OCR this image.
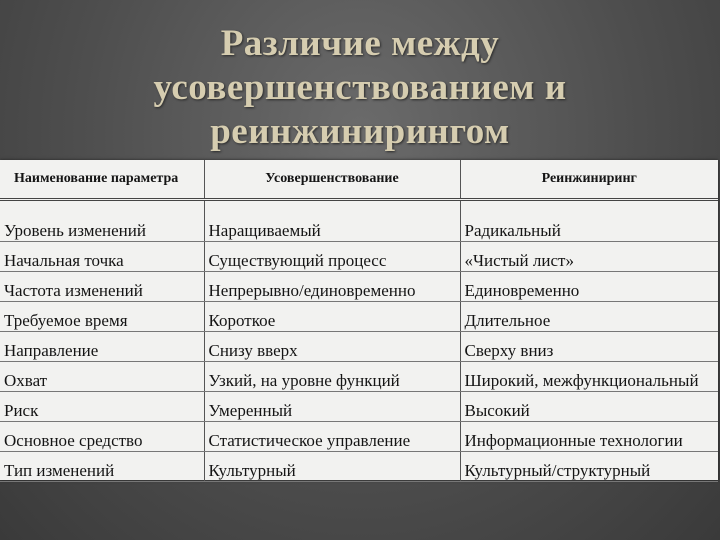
Различие между
усовершенствованием и
реинжинирингом
Наименование параметра	Усовершенствование	Реинжиниринг
Уровень изменений	Наращиваемый	Радикальный
Начальная точка	Существующий процесс	«Чистый лист»
Частота изменений	Непрерывно/единовременно	Единовременно
Требуемое время	Короткое	Длительное
Направление	Снизу вверх	Сверху вниз
Охват	Узкий, на уровне функций	Широкий, межфункциональный
Риск	Умеренный	Высокий
Основное средство	Статистическое управление	Информационные технологии
Тип изменений	Культурный	Культурный/структурный
